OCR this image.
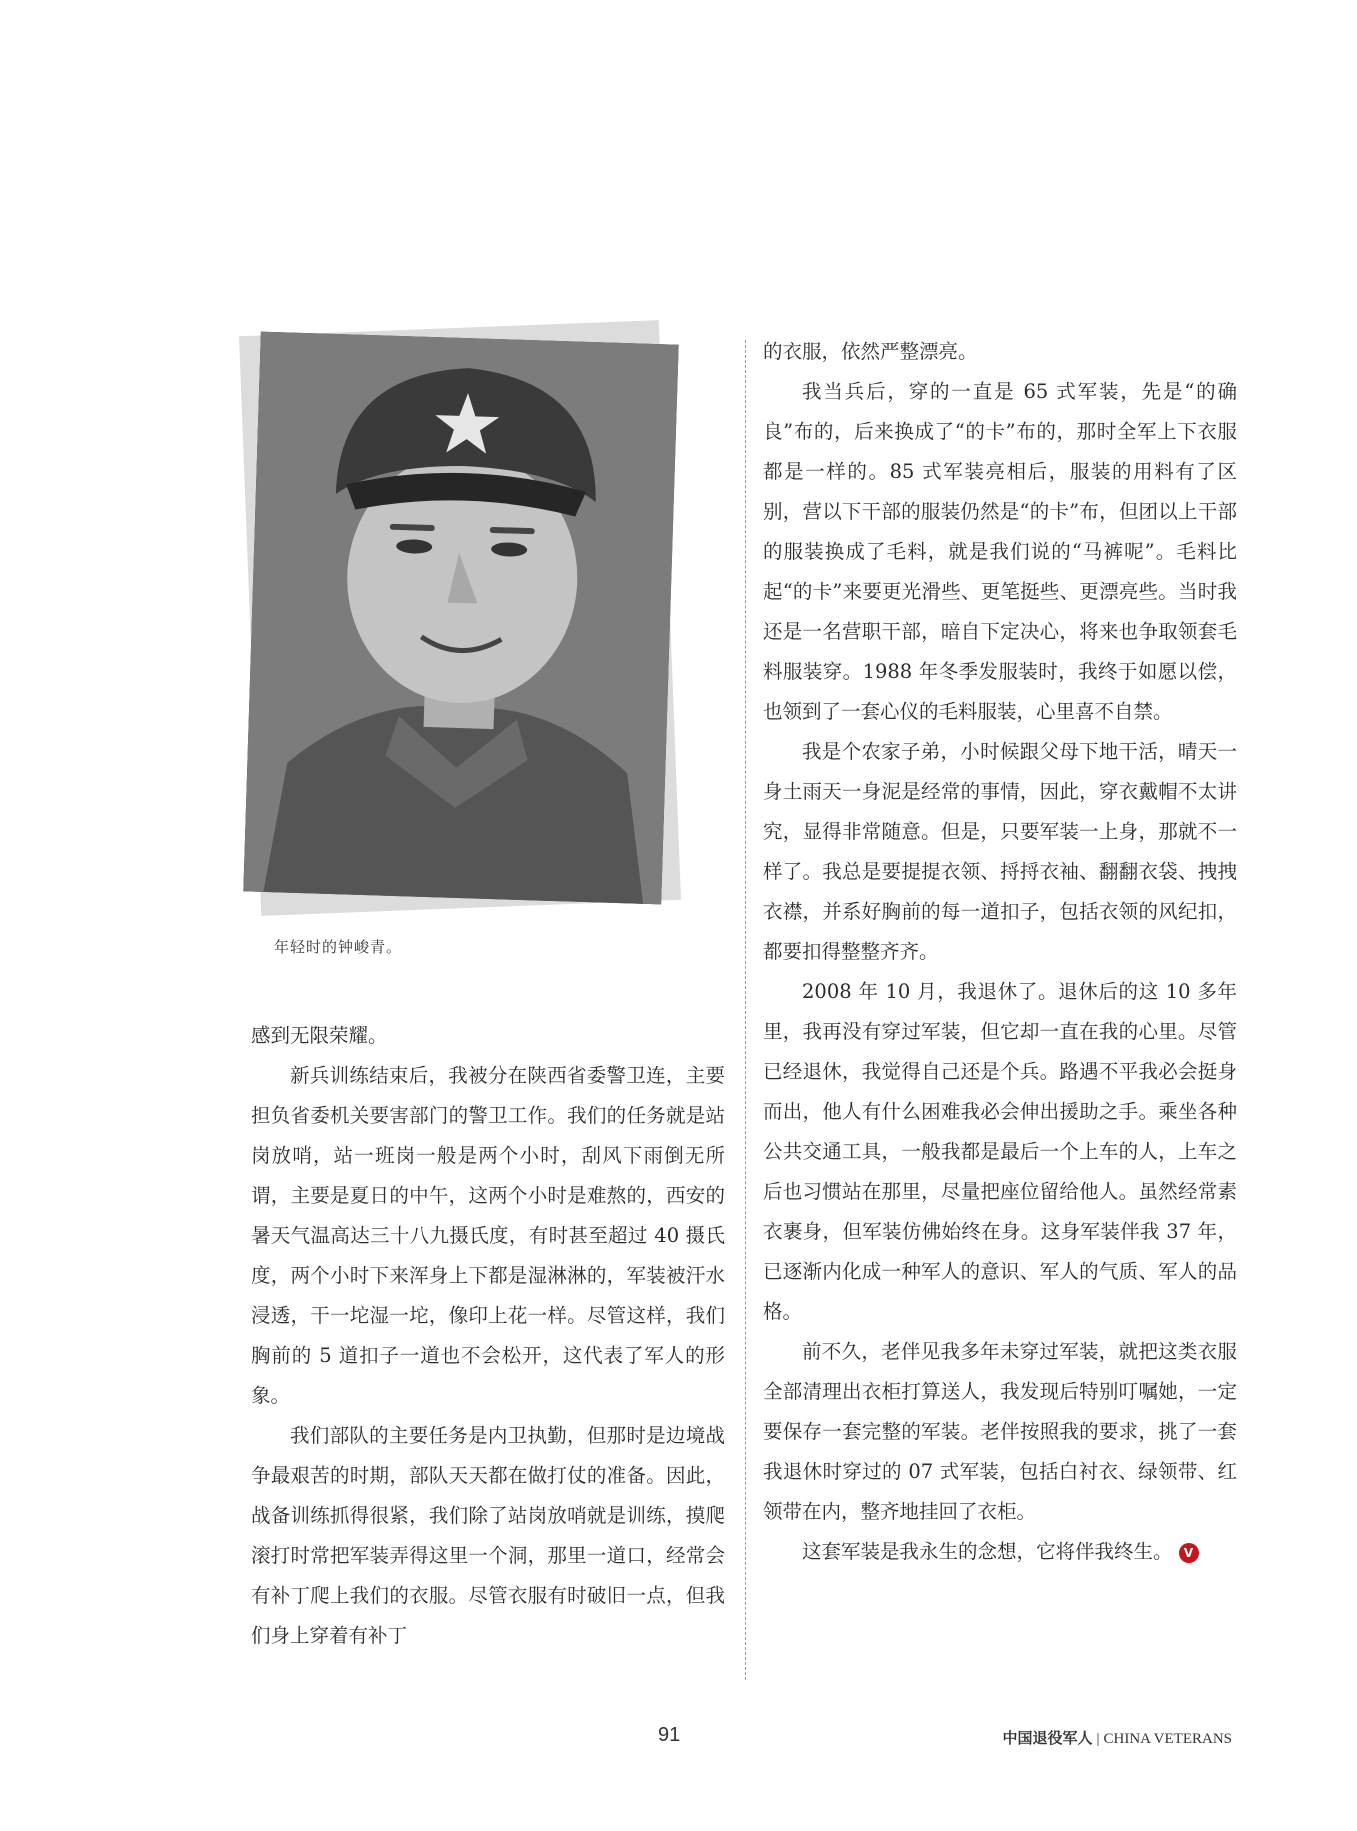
年轻时的钟峻青。

感到无限荣耀。

新兵训练结束后，我被分在陕西省委警卫连，主要担负省委机关要害部门的警卫工作。我们的任务就是站岗放哨，站一班岗一般是两个小时，刮风下雨倒无所谓，主要是夏日的中午，这两个小时是难熬的，西安的暑天气温高达三十八九摄氏度，有时甚至超过 40 摄氏度，两个小时下来浑身上下都是湿淋淋的，军装被汗水浸透，干一坨湿一坨，像印上花一样。尽管这样，我们胸前的 5 道扣子一道也不会松开，这代表了军人的形象。

我们部队的主要任务是内卫执勤，但那时是边境战争最艰苦的时期，部队天天都在做打仗的准备。因此，战备训练抓得很紧，我们除了站岗放哨就是训练，摸爬滚打时常把军装弄得这里一个洞，那里一道口，经常会有补丁爬上我们的衣服。尽管衣服有时破旧一点，但我们身上穿着有补丁

的衣服，依然严整漂亮。

我当兵后，穿的一直是 65 式军装，先是“的确良”布的，后来换成了“的卡”布的，那时全军上下衣服都是一样的。85 式军装亮相后，服装的用料有了区别，营以下干部的服装仍然是“的卡”布，但团以上干部的服装换成了毛料，就是我们说的“马裤呢”。毛料比起“的卡”来要更光滑些、更笔挺些、更漂亮些。当时我还是一名营职干部，暗自下定决心，将来也争取领套毛料服装穿。1988 年冬季发服装时，我终于如愿以偿，也领到了一套心仪的毛料服装，心里喜不自禁。

我是个农家子弟，小时候跟父母下地干活，晴天一身土雨天一身泥是经常的事情，因此，穿衣戴帽不太讲究，显得非常随意。但是，只要军装一上身，那就不一样了。我总是要提提衣领、捋捋衣袖、翻翻衣袋、拽拽衣襟，并系好胸前的每一道扣子，包括衣领的风纪扣，都要扣得整整齐齐。

2008 年 10 月，我退休了。退休后的这 10 多年里，我再没有穿过军装，但它却一直在我的心里。尽管已经退休，我觉得自己还是个兵。路遇不平我必会挺身而出，他人有什么困难我必会伸出援助之手。乘坐各种公共交通工具，一般我都是最后一个上车的人，上车之后也习惯站在那里，尽量把座位留给他人。虽然经常素衣裹身，但军装仿佛始终在身。这身军装伴我 37 年，已逐渐内化成一种军人的意识、军人的气质、军人的品格。

前不久，老伴见我多年未穿过军装，就把这类衣服全部清理出衣柜打算送人，我发现后特别叮嘱她，一定要保存一套完整的军装。老伴按照我的要求，挑了一套我退休时穿过的 07 式军装，包括白衬衣、绿领带、红领带在内，整齐地挂回了衣柜。

这套军装是我永生的念想，它将伴我终生。 V

91	中国退役军人 | CHINA VETERANS
